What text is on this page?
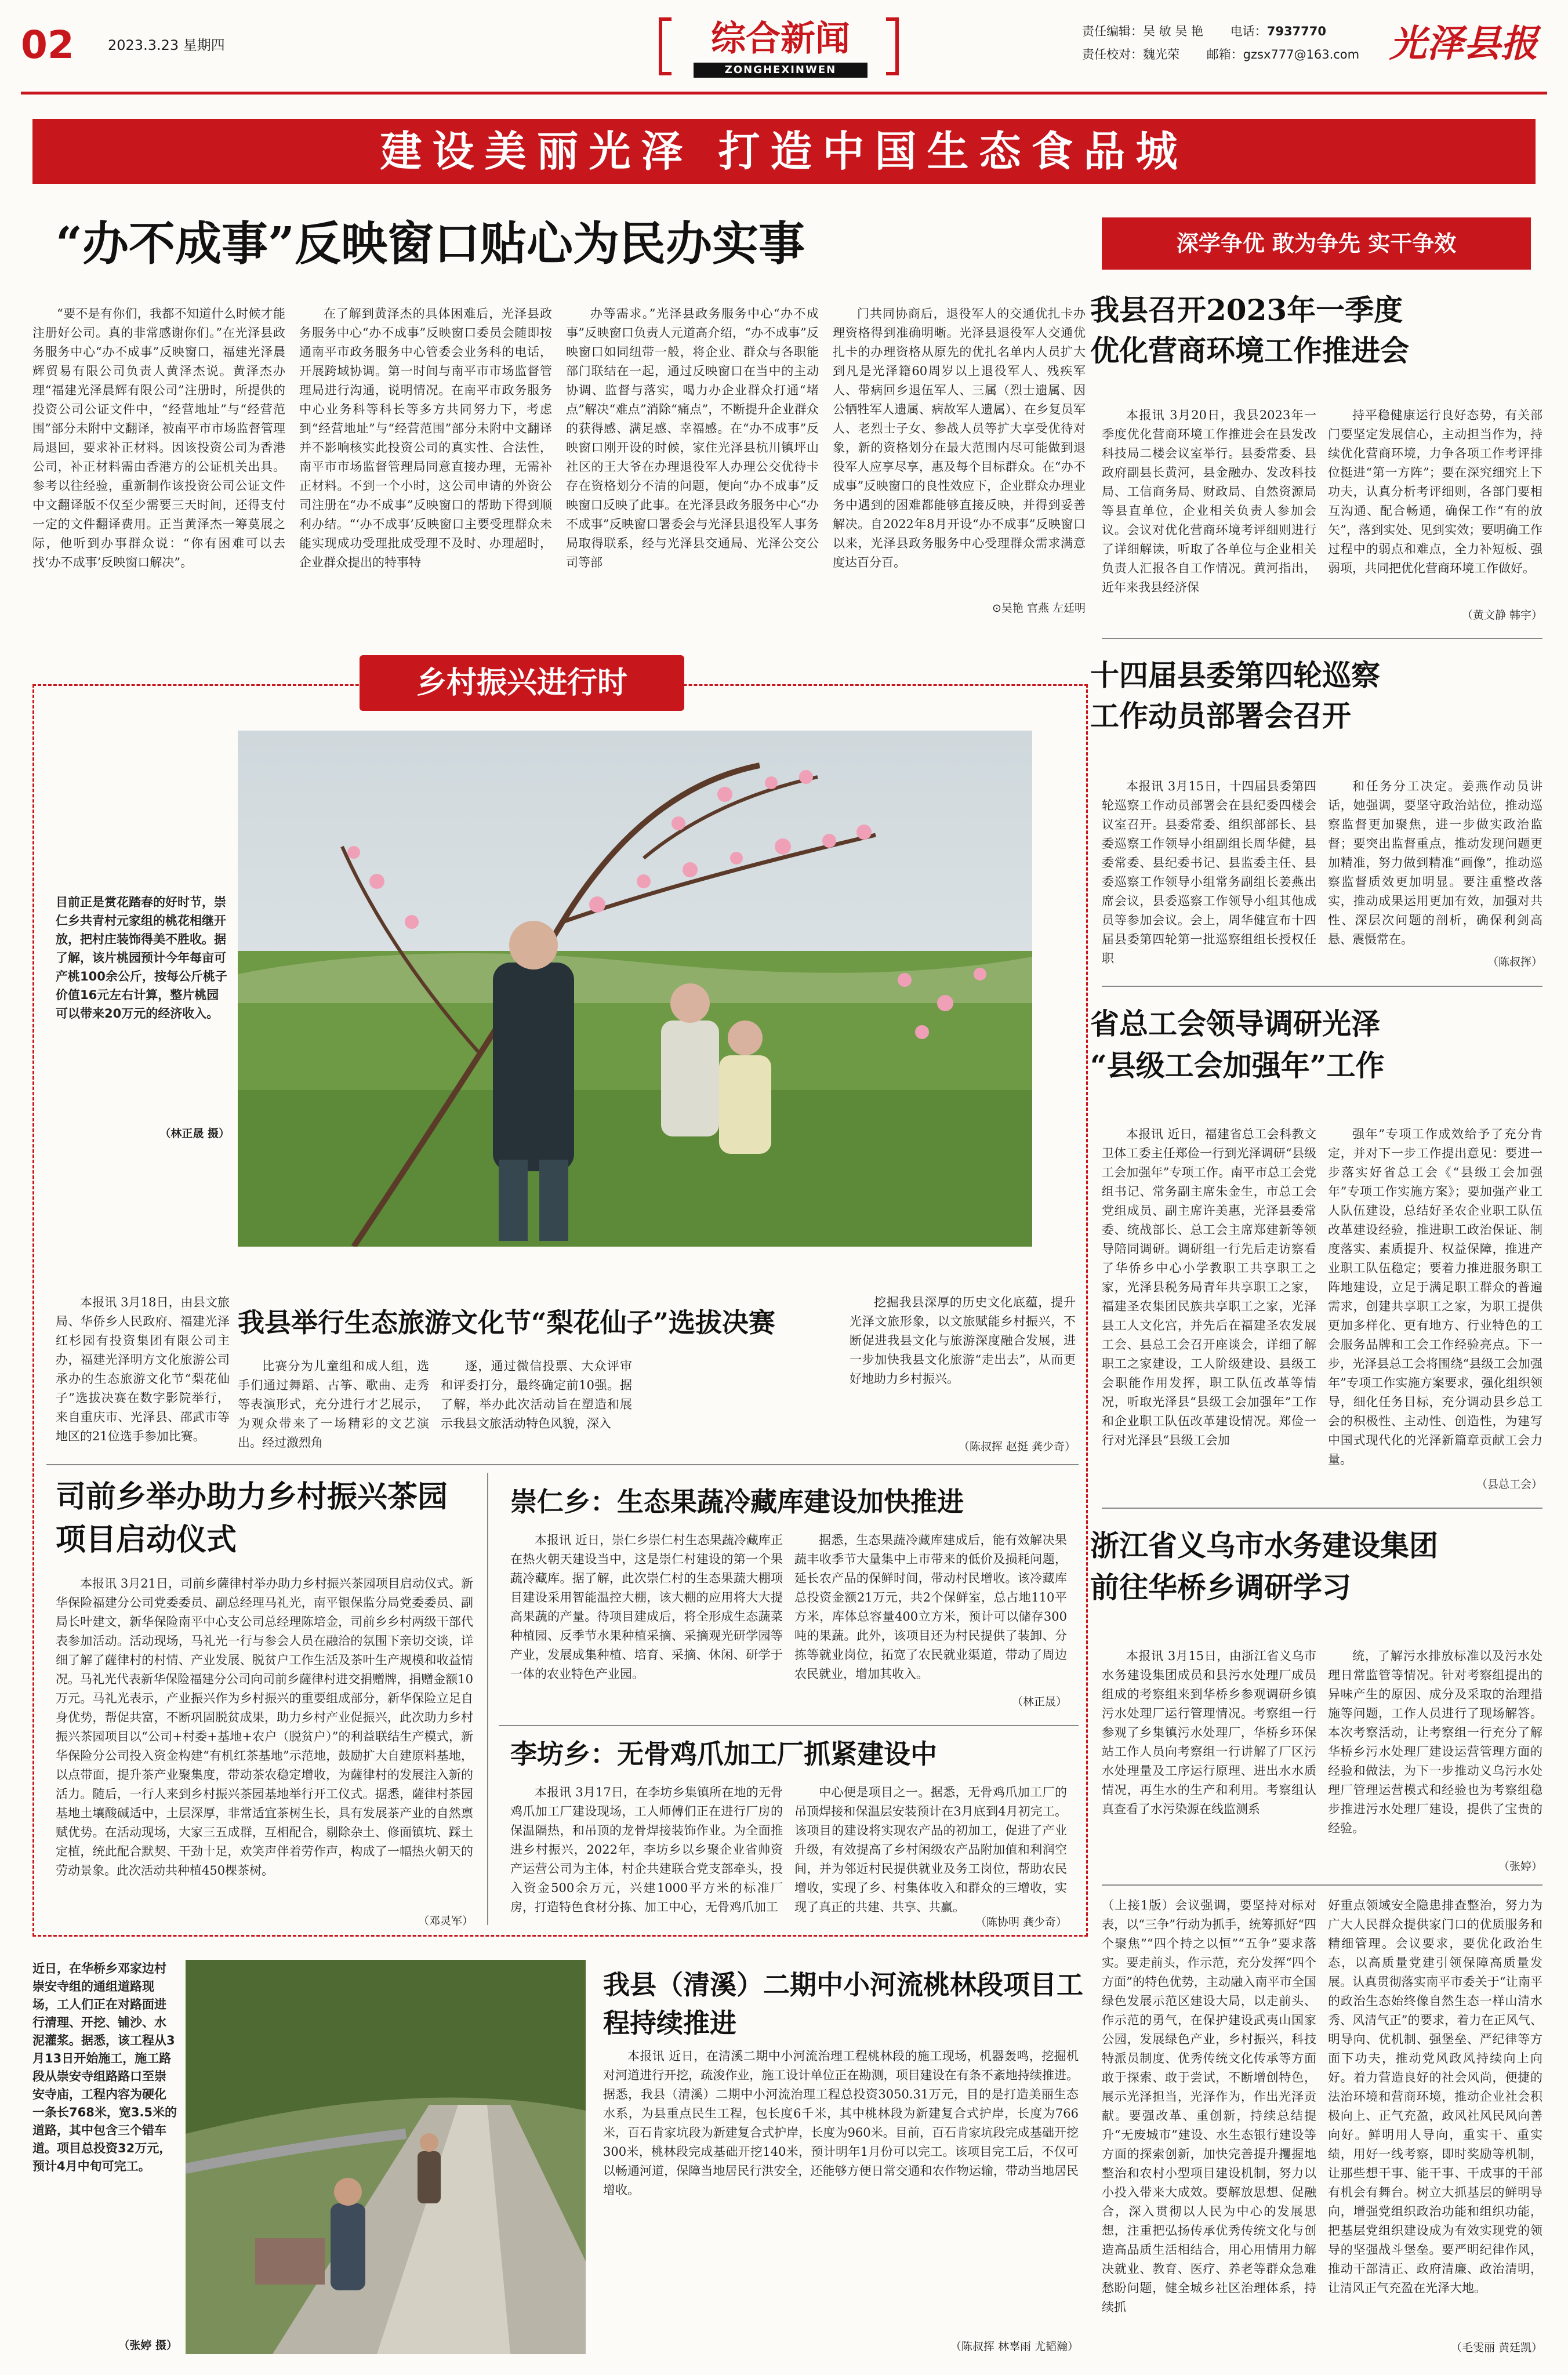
02 2023.3.23 星期四	综合新闻
ZONGHEXINWEN
责任编辑：吴 敏 吴 艳 电话：7937770
责任校对：魏光荣 邮箱：gzsx777@163.com 光泽县报
建设美丽光泽 打造中国生态食品城
“办不成事”反映窗口贴心为民办实事

“要不是有你们，我都不知道什么时候才能注册好公司。真的非常感谢你们。”在光泽县政务服务中心“办不成事”反映窗口，福建光泽晨辉贸易有限公司负责人黄泽杰说。黄泽杰办理“福建光泽晨辉有限公司”注册时，所提供的投资公司公证文件中，“经营地址”与“经营范围”部分未附中文翻译，被南平市市场监督管理局退回，要求补正材料。因该投资公司为香港公司，补正材料需由香港方的公证机关出具。参考以往经验，重新制作该投资公司公证文件中文翻译版不仅至少需要三天时间，还得支付一定的文件翻译费用。正当黄泽杰一筹莫展之际，他听到办事群众说：“你有困难可以去找‘办不成事’反映窗口解决”。

在了解到黄泽杰的具体困难后，光泽县政务服务中心“办不成事”反映窗口委员会随即按通南平市政务服务中心管委会业务科的电话，开展跨域协调。第一时间与南平市市场监督管理局进行沟通，说明情况。在南平市政务服务中心业务科等科长等多方共同努力下，考虑到“经营地址”与“经营范围”部分未附中文翻译并不影响核实此投资公司的真实性、合法性，南平市市场监督管理局同意直接办理，无需补正材料。不到一个小时，这公司申请的外资公司注册在“办不成事”反映窗口的帮助下得到顺利办结。“‘办不成事’反映窗口主要受理群众未能实现成功受理批成受理不及时、办理超时，企业群众提出的特事特

办等需求。”光泽县政务服务中心“办不成事”反映窗口负责人元道高介绍，“办不成事”反映窗口如同纽带一般，将企业、群众与各职能部门联结在一起，通过反映窗口在当中的主动协调、监督与落实，喝力办企业群众打通“堵点”解决“难点”消除“痛点”，不断提升企业群众的获得感、满足感、幸福感。在“办不成事”反映窗口刚开设的时候，家住光泽县杭川镇坪山社区的王大爷在办理退役军人办理公交优待卡存在资格划分不清的问题，便向“办不成事”反映窗口反映了此事。在光泽县政务服务中心“办不成事”反映窗口署委会与光泽县退役军人事务局取得联系，经与光泽县交通局、光泽公交公司等部

门共同协商后，退役军人的交通优扎卡办理资格得到准确明晰。光泽县退役军人交通优扎卡的办理资格从原先的优扎名单内人员扩大到凡是光泽籍60周岁以上退役军人、残疾军人、带病回乡退伍军人、三属（烈士遗属、因公牺牲军人遗属、病故军人遗属）、在乡复员军人、老烈士子女、参战人员等扩大享受优待对象，新的资格划分在最大范围内尽可能做到退役军人应享尽享，惠及每个目标群众。在“办不成事”反映窗口的良性效应下，企业群众办理业务中遇到的困难都能够直接反映，并得到妥善解决。自2022年8月开设“办不成事”反映窗口以来，光泽县政务服务中心受理群众需求满意度达百分百。

⊙吴艳 官燕 左廷明
乡村振兴进行时
目前正是赏花踏春的好时节，崇仁乡共青村元家组的桃花相继开放，把村庄装饰得美不胜收。据了解，该片桃园预计今年每亩可产桃100余公斤，按每公斤桃子价值16元左右计算，整片桃园可以带来20万元的经济收入。
（林正晟 摄）

本报讯 3月18日，由县文旅局、华侨乡人民政府、福建光泽红杉园有投资集团有限公司主办，福建光泽明方文化旅游公司承办的生态旅游文化节“梨花仙子”选拔决赛在数字影院举行，来自重庆市、光泽县、邵武市等地区的21位选手参加比赛。

我县举行生态旅游文化节“梨花仙子”选拔决赛

比赛分为儿童组和成人组，选手们通过舞蹈、古筝、歌曲、走秀等表演形式，充分进行才艺展示，为观众带来了一场精彩的文艺演出。经过激烈角

逐，通过微信投票、大众评审和评委打分，最终确定前10强。据了解，举办此次活动旨在塑造和展示我县文旅活动特色风貌，深入

挖掘我县深厚的历史文化底蕴，提升光泽文旅形象，以文旅赋能乡村振兴，不断促进我县文化与旅游深度融合发展，进一步加快我县文化旅游“走出去”，从而更好地助力乡村振兴。

（陈叔挥 赵挺 龚少奇）
司前乡举办助力乡村振兴茶园项目启动仪式

本报讯 3月21日，司前乡薩律村举办助力乡村振兴茶园项目启动仪式。新华保险福建分公司党委委员、副总经理马礼光，南平银保监分局党委委员、副局长叶建文，新华保险南平中心支公司总经理陈培金，司前乡乡村两级干部代表参加活动。活动现场，马礼光一行与参会人员在融洽的氛围下亲切交谈，详细了解了薩律村的村情、产业发展、脱贫户工作生活及茶叶生产规模和收益情况。马礼光代表新华保险福建分公司向司前乡薩律村进交捐赠牌，捐赠金额10万元。马礼光表示，产业振兴作为乡村振兴的重要组成部分，新华保险立足自身优势，帮促共富，不断巩固脱贫成果，助力乡村产业促振兴，此次助力乡村振兴茶园项目以“公司+村委+基地+农户（脱贫户）”的利益联结生产模式，新华保险分公司投入资金构建“有机红茶基地”示范地，鼓励扩大自建原料基地，以点带面，提升茶产业聚集度，带动茶农稳定增收，为薩律村的发展注入新的活力。随后，一行人来到乡村振兴茶园基地举行开工仪式。据悉，薩律村茶园基地土壤酸碱适中，土层深厚，非常适宜茶树生长，具有发展茶产业的自然禀赋优势。在活动现场，大家三五成群，互相配合，剔除杂土、修面镇坑、踩土定植，统此配合默契、干劲十足，欢笑声伴着劳作声，构成了一幅热火朝天的劳动景象。此次活动共种植450棵茶树。

（邓灵军）
崇仁乡：生态果蔬冷藏库建设加快推进

本报讯 近日，崇仁乡崇仁村生态果蔬冷藏库正在热火朝天建设当中，这是崇仁村建设的第一个果蔬冷藏库。据了解，此次崇仁村的生态果蔬大棚项目建设采用智能温控大棚，该大棚的应用将大大提高果蔬的产量。待项目建成后，将全形成生态蔬菜种植园、反季节水果种植采摘、采摘观光研学园等产业，发展成集种植、培育、采摘、休闲、研学于一体的农业特色产业园。

据悉，生态果蔬冷藏库建成后，能有效解决果蔬丰收季节大量集中上市带来的低价及损耗问题，延长农产品的保鲜时间，带动村民增收。该冷藏库总投资金额21万元，共2个保鲜室，总占地110平方米，库体总容量400立方米，预计可以储存300吨的果蔬。此外，该项目还为村民提供了装卸、分拣等就业岗位，拓宽了农民就业渠道，带动了周边农民就业，增加其收入。

（林正晟）
李坊乡：无骨鸡爪加工厂抓紧建设中

本报讯 3月17日，在李坊乡集镇所在地的无骨鸡爪加工厂建设现场，工人师傅们正在进行厂房的保温隔热，和吊顶的龙骨焊接装饰作业。为全面推进乡村振兴，2022年，李坊乡以乡聚企业省帅资产运营公司为主体，村企共建联合党支部牵头，投入资金500余万元，兴建1000平方米的标准厂房，打造特色食材分拣、加工中心，无骨鸡爪加工

中心便是项目之一。据悉，无骨鸡爪加工厂的吊顶焊接和保温层安装预计在3月底到4月初完工。该项目的建设将实现农产品的初加工，促进了产业升级，有效提高了乡村闲级农产品附加值和利润空间，并为邻近村民提供就业及务工岗位，帮助农民增收，实现了乡、村集体收入和群众的三增收，实现了真正的共建、共享、共赢。

（陈协明 龚少奇）
近日，在华桥乡邓家边村崇安寺组的通组道路现场，工人们正在对路面进行清理、开挖、铺沙、水泥灌浆。据悉，该工程从3月13日开始施工，施工路段从崇安寺组路路口至崇安寺庙，工程内容为硬化一条长768米，宽3.5米的道路，其中包含三个错车道。项目总投资32万元，预计4月中旬可完工。
（张婷 摄）
我县（清溪）二期中小河流桃林段项目工程持续推进

本报讯 近日，在清溪二期中小河流治理工程桃林段的施工现场，机器轰鸣，挖掘机对河道进行开挖，疏浚作业，施工设计单位正在勘测，项目建设在有条不紊地持续推进。据悉，我县（清溪）二期中小河流治理工程总投资3050.31万元，目的是打造美丽生态水系，为县重点民生工程，包长度6千米，其中桃林段为新建复合式护岸，长度为766米，百石肯家坑段为新建复合式护岸，长度为960米。目前，百石肯家坑段完成基础开挖300米，桃林段完成基础开挖140米，预计明年1月份可以完工。该项目完工后，不仅可以畅通河道，保障当地居民行洪安全，还能够方便日常交通和农作物运输，带动当地居民增收。

（陈叔挥 林辜雨 尤韬瀚）
深学争优 敢为争先 实干争效
我县召开2023年一季度
优化营商环境工作推进会

本报讯 3月20日，我县2023年一季度优化营商环境工作推进会在县发改科技局二楼会议室举行。县委常委、县政府副县长黄河，县金融办、发改科技局、工信商务局、财政局、自然资源局等县直单位，企业相关负责人参加会议。会议对优化营商环境考评细则进行了详细解读，听取了各单位与企业相关负责人汇报各自工作情况。黄河指出，近年来我县经济保

持平稳健康运行良好态势，有关部门要坚定发展信心，主动担当作为，持续优化营商环境，力争各项工作考评排位挺进“第一方阵”；要在深究细究上下功夫，认真分析考评细则，各部门要相互沟通、配合畅通，确保工作“有的放矢”，落到实处、见到实效；要明确工作过程中的弱点和难点，全力补短板、强弱项，共同把优化营商环境工作做好。

（黄文静 韩宇）
十四届县委第四轮巡察
工作动员部署会召开

本报讯 3月15日，十四届县委第四轮巡察工作动员部署会在县纪委四楼会议室召开。县委常委、组织部部长、县委巡察工作领导小组副组长周华健，县委常委、县纪委书记、县监委主任、县委巡察工作领导小组常务副组长姜燕出席会议，县委巡察工作领导小组其他成员等参加会议。会上，周华健宣布十四届县委第四轮第一批巡察组组长授权任职

和任务分工决定。姜燕作动员讲话，她强调，要坚守政治站位，推动巡察监督更加聚焦，进一步做实政治监督；要突出监督重点，推动发现问题更加精准，努力做到精准“画像”，推动巡察监督质效更加明显。要注重整改落实，推动成果运用更加有效，加强对共性、深层次问题的剖析，确保利剑高悬、震慑常在。

（陈叔挥）
省总工会领导调研光泽
“县级工会加强年”工作

本报讯 近日，福建省总工会科教文卫体工委主任郑俭一行到光泽调研“县级工会加强年”专项工作。南平市总工会党组书记、常务副主席朱金生，市总工会党组成员、副主席许美惠，光泽县委常委、统战部长、总工会主席郑建新等领导陪同调研。调研组一行先后走访察看了华侨乡中心小学教职工共享职工之家，光泽县税务局青年共享职工之家，福建圣农集团民族共享职工之家，光泽县工人文化宫，并先后在福建圣农发展工会、县总工会召开座谈会，详细了解职工之家建设，工人阶级建设、县级工会职能作用发挥，职工队伍改革等情况，听取光泽县“县级工会加强年”工作和企业职工队伍改革建设情况。郑俭一行对光泽县“县级工会加

强年”专项工作成效给予了充分肯定，并对下一步工作提出意见：要进一步落实好省总工会《“县级工会加强年”专项工作实施方案》；要加强产业工人队伍建设，总结好圣农企业职工队伍改革建设经验，推进职工政治保证、制度落实、素质提升、权益保障，推进产业职工队伍稳定；要着力推进服务职工阵地建设，立足于满足职工群众的普遍需求，创建共享职工之家，为职工提供更加多样化、更有地方、行业特色的工会服务品牌和工会工作经验亮点。下一步，光泽县总工会将围绕“县级工会加强年”专项工作实施方案要求，强化组织领导，细化任务目标，充分调动县乡总工会的积极性、主动性、创造性，为建写中国式现代化的光泽新篇章贡献工会力量。

（县总工会）
浙江省义乌市水务建设集团
前往华桥乡调研学习

本报讯 3月15日，由浙江省义乌市水务建设集团成员和县污水处理厂成员组成的考察组来到华桥乡参观调研乡镇污水处理厂运行管理情况。考察组一行参观了乡集镇污水处理厂，华桥乡环保站工作人员向考察组一行讲解了厂区污水处理量及工序运行原理、进出水水质情况，再生水的生产和利用。考察组认真查看了水污染源在线监测系

统，了解污水排放标准以及污水处理日常监管等情况。针对考察组提出的异味产生的原因、成分及采取的治理措施等问题，工作人员进行了现场解答。本次考察活动，让考察组一行充分了解华桥乡污水处理厂建设运营管理方面的经验和做法，为下一步推动义乌污水处理厂管理运营模式和经验也为考察组稳步推进污水处理厂建设，提供了宝贵的经验。

（张婷）

（上接1版）会议强调，要坚持对标对表，以“三争”行动为抓手，统筹抓好“四个聚焦”“四个持之以恒”“五争”要求落实。要走前头，作示范，充分发挥“四个方面”的特色优势，主动融入南平市全国绿色发展示范区建设大局，以走前头、作示范的勇气，在保护建设武夷山国家公园，发展绿色产业，乡村振兴，科技特派员制度、优秀传统文化传承等方面敢于探索、敢于尝试，不断增创特色，展示光泽担当，光泽作为，作出光泽贡献。要强改革、重创新，持续总结提升“无废城市”建设、水生态银行建设等方面的探索创新，加快完善提升攫握地整治和农村小型项目建设机制，努力以小投入带来大成效。要解放思想、促融合，深入贯彻以人民为中心的发展思想，注重把弘扬传承优秀传统文化与创造高品质生活相结合，用心用情用力解决就业、教育、医疗、养老等群众急难愁盼问题，健全城乡社区治理体系，持续抓

好重点领域安全隐患排查整治，努力为广大人民群众提供家门口的优质服务和精细管理。会议要求，要优化政治生态，以高质量党建引领保障高质量发展。认真贯彻落实南平市委关于“让南平的政治生态始终像自然生态一样山清水秀、风清气正”的要求，着力在正风气、明导向、优机制、强堡垒、严纪律等方面下功夫，推动党风政风持续向上向好。着力营造良好的社会风尚，便捷的法治环境和营商环境，推动企业社会积极向上、正气充盈，政风社风民风向善向好。鲜明用人导向，重实干、重实绩，用好一线考察，即时奖励等机制，让那些想干事、能干事、干成事的干部有机会有舞台。树立大抓基层的鲜明导向，增强党组织政治功能和组织功能，把基层党组织建设成为有效实现党的领导的坚强战斗堡垒。要严明纪律作风，推动干部清正、政府清廉、政治清明，让清风正气充盈在光泽大地。

（毛雯丽 黄廷凯）
